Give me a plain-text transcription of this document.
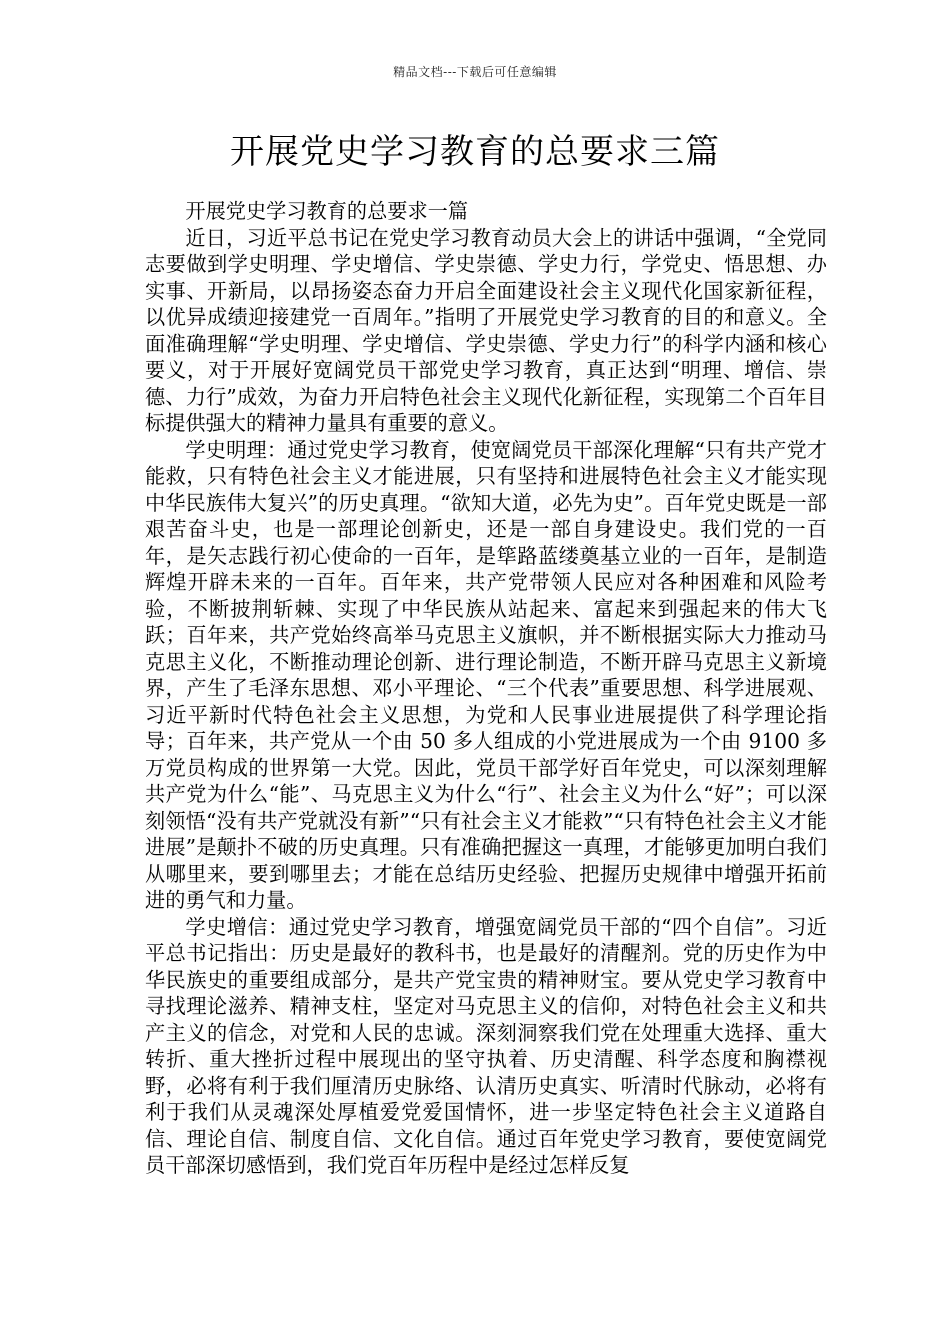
精品文档---下载后可任意编辑
开展党史学习教育的总要求三篇

开展党史学习教育的总要求一篇

近日，习近平总书记在党史学习教育动员大会上的讲话中强调，“全党同志要做到学史明理、学史增信、学史崇德、学史力行，学党史、悟思想、办实事、开新局，以昂扬姿态奋力开启全面建设社会主义现代化国家新征程，以优异成绩迎接建党一百周年。”指明了开展党史学习教育的目的和意义。全面准确理解“学史明理、学史增信、学史崇德、学史力行”的科学内涵和核心要义，对于开展好宽阔党员干部党史学习教育，真正达到“明理、增信、崇德、力行”成效，为奋力开启特色社会主义现代化新征程，实现第二个百年目标提供强大的精神力量具有重要的意义。

学史明理：通过党史学习教育，使宽阔党员干部深化理解“只有共产党才能救，只有特色社会主义才能进展，只有坚持和进展特色社会主义才能实现中华民族伟大复兴”的历史真理。“欲知大道，必先为史”。百年党史既是一部艰苦奋斗史，也是一部理论创新史，还是一部自身建设史。我们党的一百年，是矢志践行初心使命的一百年，是筚路蓝缕奠基立业的一百年，是制造辉煌开辟未来的一百年。百年来，共产党带领人民应对各种困难和风险考验，不断披荆斩棘、实现了中华民族从站起来、富起来到强起来的伟大飞跃；百年来，共产党始终高举马克思主义旗帜，并不断根据实际大力推动马克思主义化，不断推动理论创新、进行理论制造，不断开辟马克思主义新境界，产生了毛泽东思想、邓小平理论、“三个代表”重要思想、科学进展观、习近平新时代特色社会主义思想，为党和人民事业进展提供了科学理论指导；百年来，共产党从一个由 50 多人组成的小党进展成为一个由 9100 多万党员构成的世界第一大党。因此，党员干部学好百年党史，可以深刻理解共产党为什么“能”、马克思主义为什么“行”、社会主义为什么“好”；可以深刻领悟“没有共产党就没有新”“只有社会主义才能救”“只有特色社会主义才能进展”是颠扑不破的历史真理。只有准确把握这一真理，才能够更加明白我们从哪里来，要到哪里去；才能在总结历史经验、把握历史规律中增强开拓前进的勇气和力量。

学史增信：通过党史学习教育，增强宽阔党员干部的“四个自信”。习近平总书记指出：历史是最好的教科书，也是最好的清醒剂。党的历史作为中华民族史的重要组成部分，是共产党宝贵的精神财宝。要从党史学习教育中寻找理论滋养、精神支柱，坚定对马克思主义的信仰，对特色社会主义和共产主义的信念，对党和人民的忠诚。深刻洞察我们党在处理重大选择、重大转折、重大挫折过程中展现出的坚守执着、历史清醒、科学态度和胸襟视野，必将有利于我们厘清历史脉络、认清历史真实、听清时代脉动，必将有利于我们从灵魂深处厚植爱党爱国情怀，进一步坚定特色社会主义道路自信、理论自信、制度自信、文化自信。通过百年党史学习教育，要使宽阔党员干部深切感悟到，我们党百年历程中是经过怎样反复
